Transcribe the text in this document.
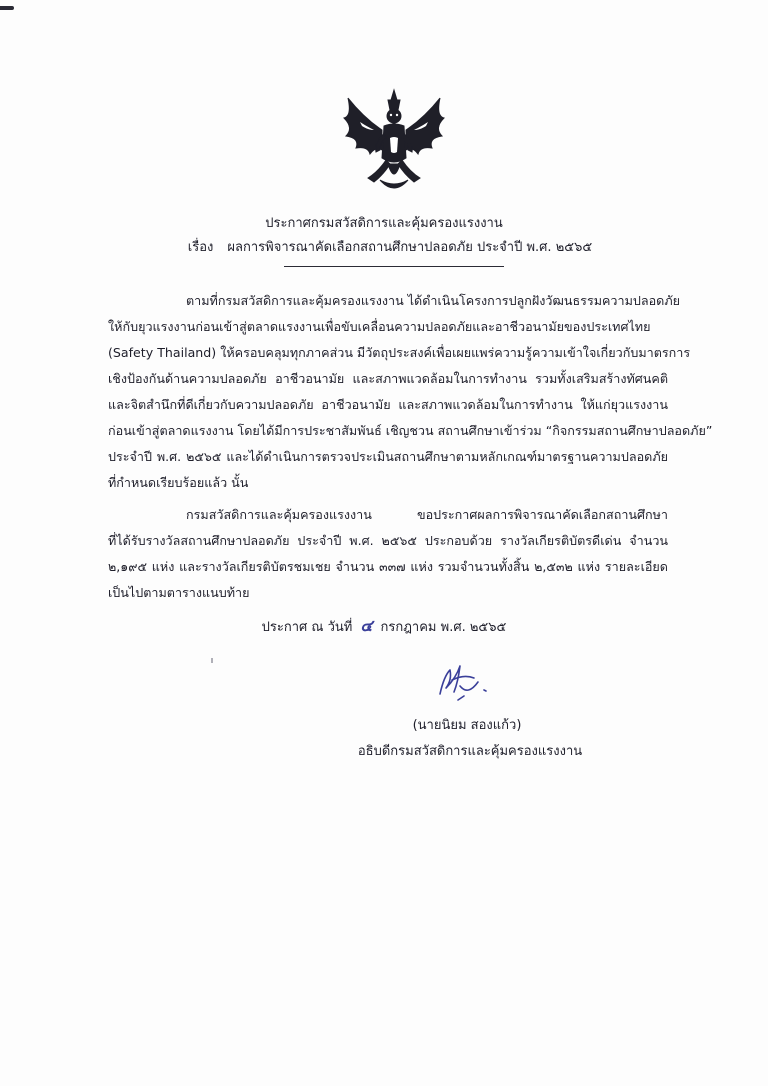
ประกาศกรมสวัสดิการและคุ้มครองแรงงาน
เรื่อง ผลการพิจารณาคัดเลือกสถานศึกษาปลอดภัย ประจำปี พ.ศ. ๒๕๖๕
ตามที่กรมสวัสดิการและคุ้มครองแรงงาน ได้ดำเนินโครงการปลูกฝังวัฒนธรรมความปลอดภัย
ให้กับยุวแรงงานก่อนเข้าสู่ตลาดแรงงานเพื่อขับเคลื่อนความปลอดภัยและอาชีวอนามัยของประเทศไทย
(Safety Thailand) ให้ครอบคลุมทุกภาคส่วน มีวัตถุประสงค์เพื่อเผยแพร่ความรู้ความเข้าใจเกี่ยวกับมาตรการ
เชิงป้องกันด้านความปลอดภัย อาชีวอนามัย และสภาพแวดล้อมในการทำงาน รวมทั้งเสริมสร้างทัศนคติ
และจิตสำนึกที่ดีเกี่ยวกับความปลอดภัย อาชีวอนามัย และสภาพแวดล้อมในการทำงาน ให้แก่ยุวแรงงาน
ก่อนเข้าสู่ตลาดแรงงาน โดยได้มีการประชาสัมพันธ์ เชิญชวน สถานศึกษาเข้าร่วม “กิจกรรมสถานศึกษาปลอดภัย”
ประจำปี พ.ศ. ๒๕๖๕ และได้ดำเนินการตรวจประเมินสถานศึกษาตามหลักเกณฑ์มาตรฐานความปลอดภัย
ที่กำหนดเรียบร้อยแล้ว นั้น
กรมสวัสดิการและคุ้มครองแรงงาน ขอประกาศผลการพิจารณาคัดเลือกสถานศึกษา
ที่ได้รับรางวัลสถานศึกษาปลอดภัย ประจำปี พ.ศ. ๒๕๖๕ ประกอบด้วย รางวัลเกียรติบัตรดีเด่น จำนวน
๒,๑๙๕ แห่ง และรางวัลเกียรติบัตรชมเชย จำนวน ๓๓๗ แห่ง รวมจำนวนทั้งสิ้น ๒,๕๓๒ แห่ง รายละเอียด
เป็นไปตามตารางแนบท้าย
ประกาศ ณ วันที่ ๔ กรกฎาคม พ.ศ. ๒๕๖๕
(นายนิยม สองแก้ว)
อธิบดีกรมสวัสดิการและคุ้มครองแรงงาน
